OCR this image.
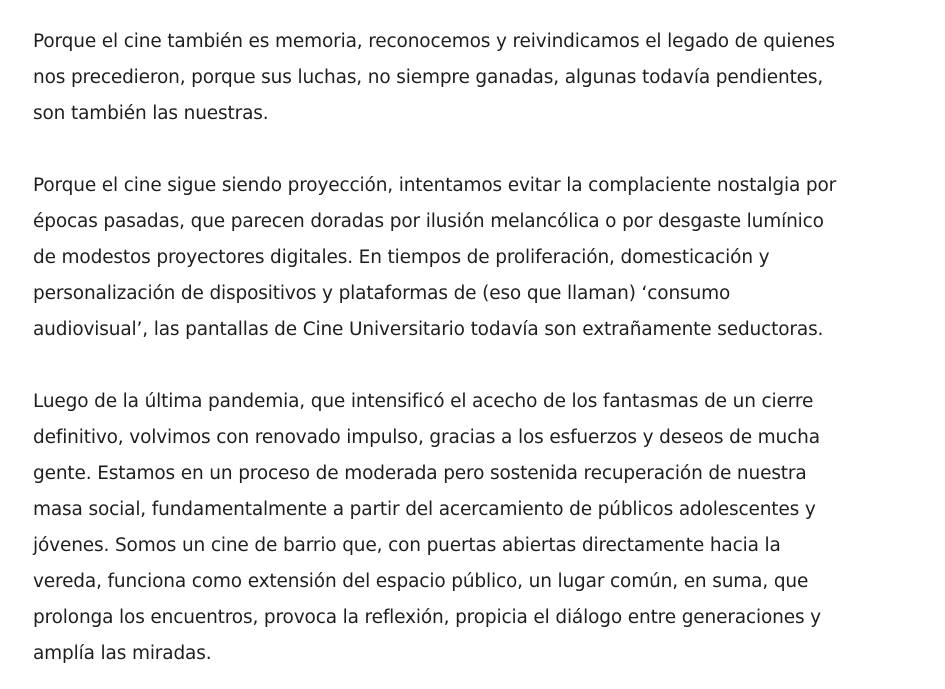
Porque el cine también es memoria, reconocemos y reivindicamos el legado de quienes
nos precedieron, porque sus luchas, no siempre ganadas, algunas todavía pendientes,
son también las nuestras.

Porque el cine sigue siendo proyección, intentamos evitar la complaciente nostalgia por
épocas pasadas, que parecen doradas por ilusión melancólica o por desgaste lumínico
de modestos proyectores digitales. En tiempos de proliferación, domesticación y
personalización de dispositivos y plataformas de (eso que llaman) ‘consumo
audiovisual’, las pantallas de Cine Universitario todavía son extrañamente seductoras.

Luego de la última pandemia, que intensificó el acecho de los fantasmas de un cierre
definitivo, volvimos con renovado impulso, gracias a los esfuerzos y deseos de mucha
gente. Estamos en un proceso de moderada pero sostenida recuperación de nuestra
masa social, fundamentalmente a partir del acercamiento de públicos adolescentes y
jóvenes. Somos un cine de barrio que, con puertas abiertas directamente hacia la
vereda, funciona como extensión del espacio público, un lugar común, en suma, que
prolonga los encuentros, provoca la reflexión, propicia el diálogo entre generaciones y
amplía las miradas.
